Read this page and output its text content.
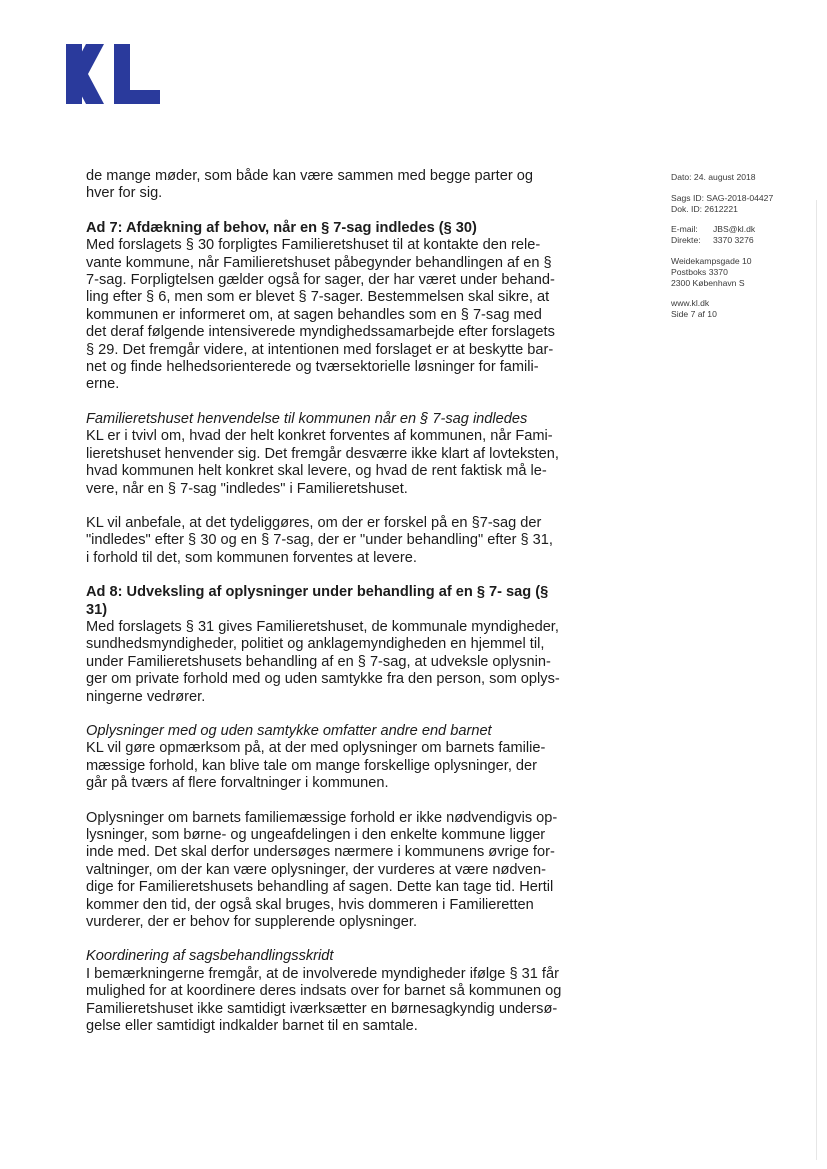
Dato: 24. august 2018
Sags ID: SAG-2018-04427
Dok. ID: 2612221
E-mail:	JBS@kl.dk
Direkte:	3370 3276
Weidekampsgade 10
Postboks 3370
2300 København S
www.kl.dk
Side 7 af 10

de mange møder, som både kan være sammen med begge parter og
hver for sig.

Ad 7: Afdækning af behov, når en § 7-sag indledes (§ 30)

Med forslagets § 30 forpligtes Familieretshuset til at kontakte den rele-
vante kommune, når Familieretshuset påbegynder behandlingen af en §
7-sag. Forpligtelsen gælder også for sager, der har været under behand-
ling efter § 6, men som er blevet § 7-sager. Bestemmelsen skal sikre, at
kommunen er informeret om, at sagen behandles som en § 7-sag med
det deraf følgende intensiverede myndighedssamarbejde efter forslagets
§ 29. Det fremgår videre, at intentionen med forslaget er at beskytte bar-
net og finde helhedsorienterede og tværsektorielle løsninger for famili-
erne.

Familieretshuset henvendelse til kommunen når en § 7-sag indledes

KL er i tvivl om, hvad der helt konkret forventes af kommunen, når Fami-
lieretshuset henvender sig. Det fremgår desværre ikke klart af lovteksten,
hvad kommunen helt konkret skal levere, og hvad de rent faktisk må le-
vere, når en § 7-sag "indledes" i Familieretshuset.

KL vil anbefale, at det tydeliggøres, om der er forskel på en §7-sag der
"indledes" efter § 30 og en § 7-sag, der er "under behandling" efter § 31,
i forhold til det, som kommunen forventes at levere.

Ad 8: Udveksling af oplysninger under behandling af en § 7- sag (§
31)

Med forslagets § 31 gives Familieretshuset, de kommunale myndigheder,
sundhedsmyndigheder, politiet og anklagemyndigheden en hjemmel til,
under Familieretshusets behandling af en § 7-sag, at udveksle oplysnin-
ger om private forhold med og uden samtykke fra den person, som oplys-
ningerne vedrører.

Oplysninger med og uden samtykke omfatter andre end barnet

KL vil gøre opmærksom på, at der med oplysninger om barnets familie-
mæssige forhold, kan blive tale om mange forskellige oplysninger, der
går på tværs af flere forvaltninger i kommunen.

Oplysninger om barnets familiemæssige forhold er ikke nødvendigvis op-
lysninger, som børne- og ungeafdelingen i den enkelte kommune ligger
inde med. Det skal derfor undersøges nærmere i kommunens øvrige for-
valtninger, om der kan være oplysninger, der vurderes at være nødven-
dige for Familieretshusets behandling af sagen. Dette kan tage tid. Hertil
kommer den tid, der også skal bruges, hvis dommeren i Familieretten
vurderer, der er behov for supplerende oplysninger.

Koordinering af sagsbehandlingsskridt

I bemærkningerne fremgår, at de involverede myndigheder ifølge § 31 får
mulighed for at koordinere deres indsats over for barnet så kommunen og
Familieretshuset ikke samtidigt iværksætter en børnesagkyndig undersø-
gelse eller samtidigt indkalder barnet til en samtale.
